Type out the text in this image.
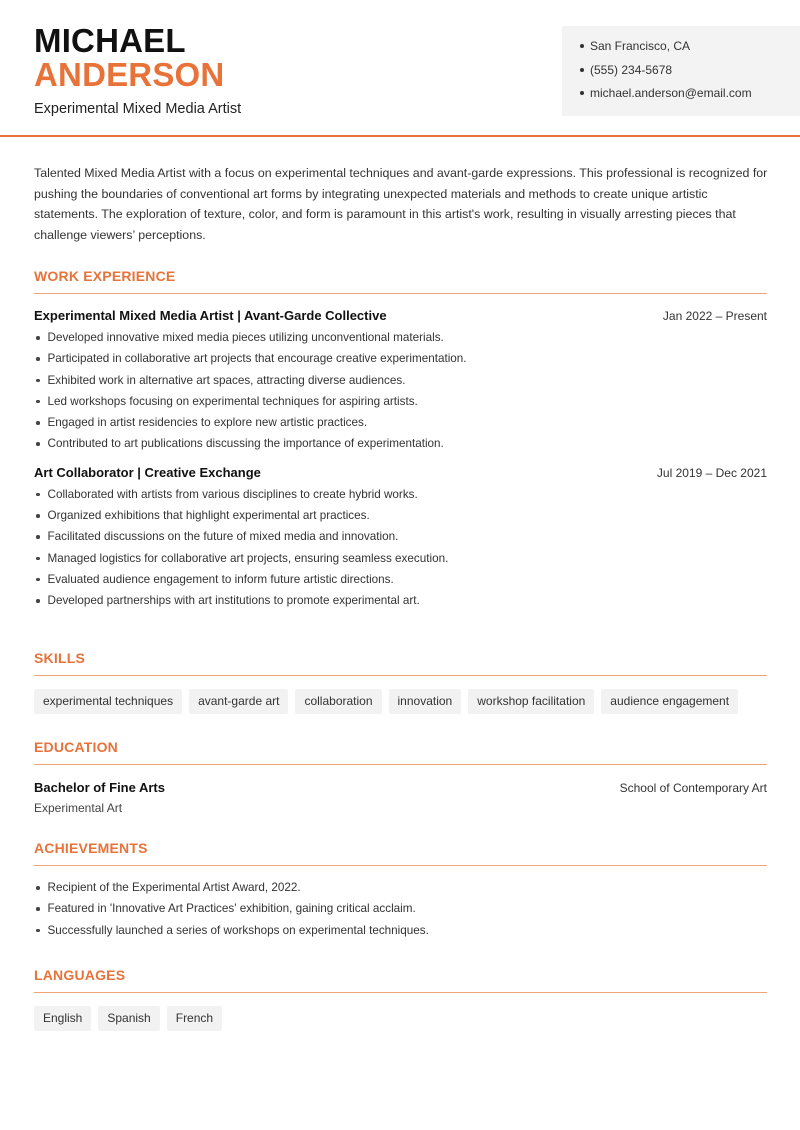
MICHAEL
ANDERSON
Experimental Mixed Media Artist
San Francisco, CA
(555) 234-5678
michael.anderson@email.com

Talented Mixed Media Artist with a focus on experimental techniques and avant-garde expressions. This professional is recognized for pushing the boundaries of conventional art forms by integrating unexpected materials and methods to create unique artistic statements. The exploration of texture, color, and form is paramount in this artist's work, resulting in visually arresting pieces that challenge viewers’ perceptions.

WORK EXPERIENCE
Experimental Mixed Media Artist | Avant-Garde Collective	Jan 2022 – Present
Developed innovative mixed media pieces utilizing unconventional materials.
Participated in collaborative art projects that encourage creative experimentation.
Exhibited work in alternative art spaces, attracting diverse audiences.
Led workshops focusing on experimental techniques for aspiring artists.
Engaged in artist residencies to explore new artistic practices.
Contributed to art publications discussing the importance of experimentation.
Art Collaborator | Creative Exchange	Jul 2019 – Dec 2021
Collaborated with artists from various disciplines to create hybrid works.
Organized exhibitions that highlight experimental art practices.
Facilitated discussions on the future of mixed media and innovation.
Managed logistics for collaborative art projects, ensuring seamless execution.
Evaluated audience engagement to inform future artistic directions.
Developed partnerships with art institutions to promote experimental art.
SKILLS
experimental techniques	avant-garde art	collaboration	innovation	workshop facilitation	audience engagement
EDUCATION
Bachelor of Fine Arts	School of Contemporary Art
Experimental Art
ACHIEVEMENTS
Recipient of the Experimental Artist Award, 2022.
Featured in 'Innovative Art Practices' exhibition, gaining critical acclaim.
Successfully launched a series of workshops on experimental techniques.
LANGUAGES
English	Spanish	French
